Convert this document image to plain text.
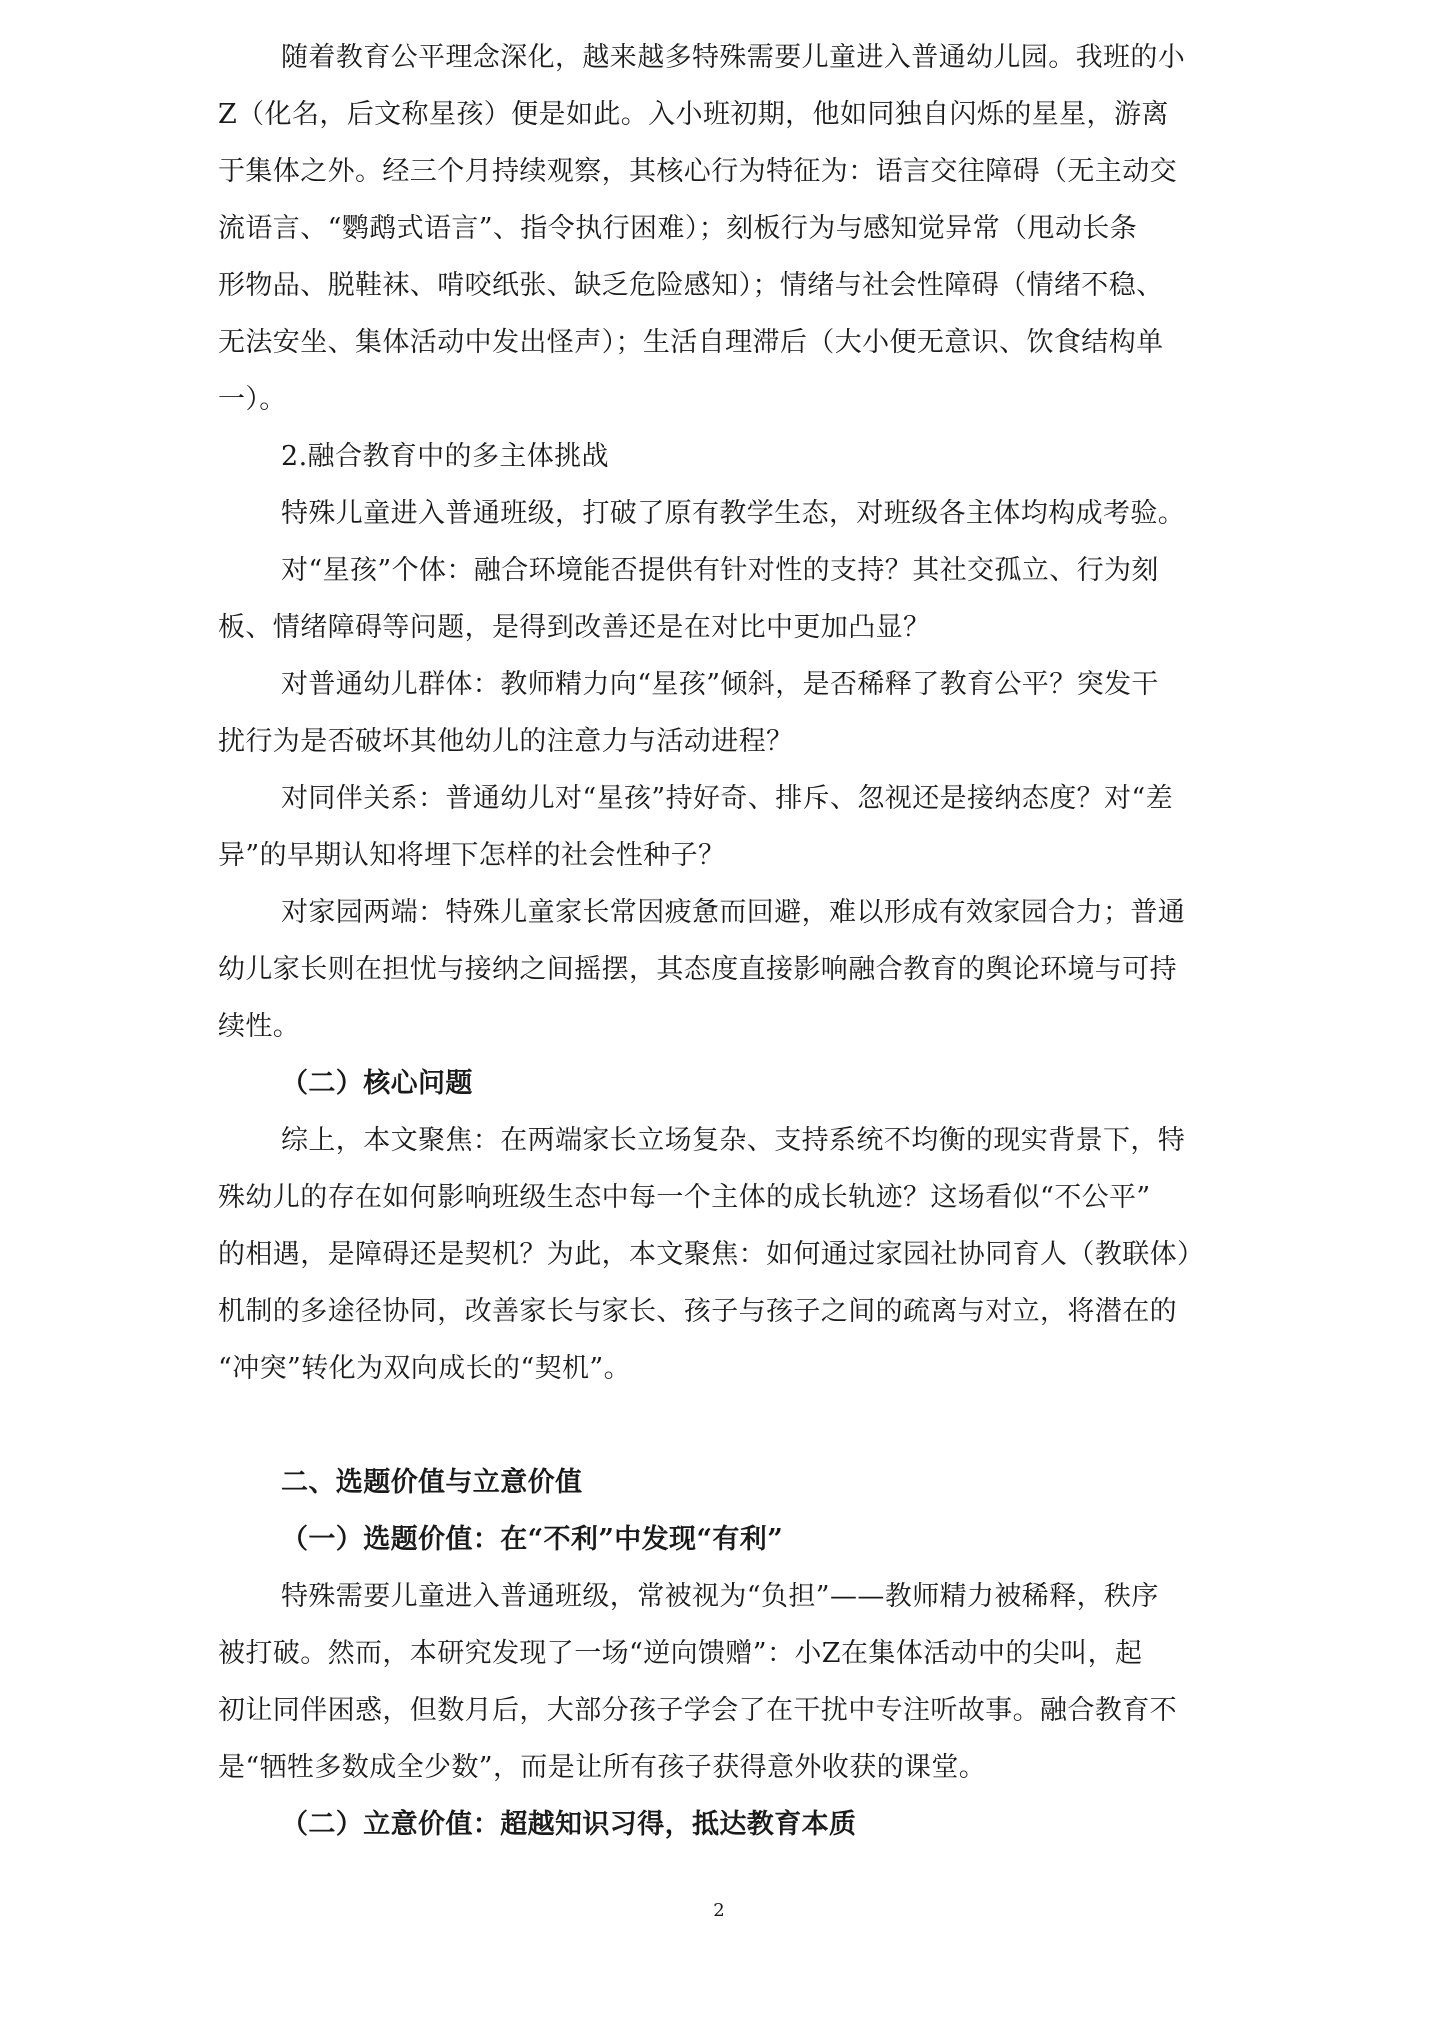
随着教育公平理念深化，越来越多特殊需要儿童进入普通幼儿园。我班的小
Z（化名，后文称星孩）便是如此。入小班初期，他如同独自闪烁的星星，游离
于集体之外。经三个月持续观察，其核心行为特征为：语言交往障碍（无主动交
流语言、“鹦鹉式语言”、指令执行困难）；刻板行为与感知觉异常（甩动长条
形物品、脱鞋袜、啃咬纸张、缺乏危险感知）；情绪与社会性障碍（情绪不稳、
无法安坐、集体活动中发出怪声）；生活自理滞后（大小便无意识、饮食结构单
一）。
2.融合教育中的多主体挑战
特殊儿童进入普通班级，打破了原有教学生态，对班级各主体均构成考验。
对“星孩”个体：融合环境能否提供有针对性的支持？其社交孤立、行为刻
板、情绪障碍等问题，是得到改善还是在对比中更加凸显？
对普通幼儿群体：教师精力向“星孩”倾斜，是否稀释了教育公平？突发干
扰行为是否破坏其他幼儿的注意力与活动进程？
对同伴关系：普通幼儿对“星孩”持好奇、排斥、忽视还是接纳态度？对“差
异”的早期认知将埋下怎样的社会性种子？
对家园两端：特殊儿童家长常因疲惫而回避，难以形成有效家园合力；普通
幼儿家长则在担忧与接纳之间摇摆，其态度直接影响融合教育的舆论环境与可持
续性。
（二）核心问题
综上，本文聚焦：在两端家长立场复杂、支持系统不均衡的现实背景下，特
殊幼儿的存在如何影响班级生态中每一个主体的成长轨迹？这场看似“不公平”
的相遇，是障碍还是契机？为此，本文聚焦：如何通过家园社协同育人（教联体）
机制的多途径协同，改善家长与家长、孩子与孩子之间的疏离与对立，将潜在的
“冲突”转化为双向成长的“契机”。
二、选题价值与立意价值
（一）选题价值：在“不利”中发现“有利”
特殊需要儿童进入普通班级，常被视为“负担”——教师精力被稀释，秩序
被打破。然而，本研究发现了一场“逆向馈赠”：小Z在集体活动中的尖叫，起
初让同伴困惑，但数月后，大部分孩子学会了在干扰中专注听故事。融合教育不
是“牺牲多数成全少数”，而是让所有孩子获得意外收获的课堂。
（二）立意价值：超越知识习得，抵达教育本质
2
